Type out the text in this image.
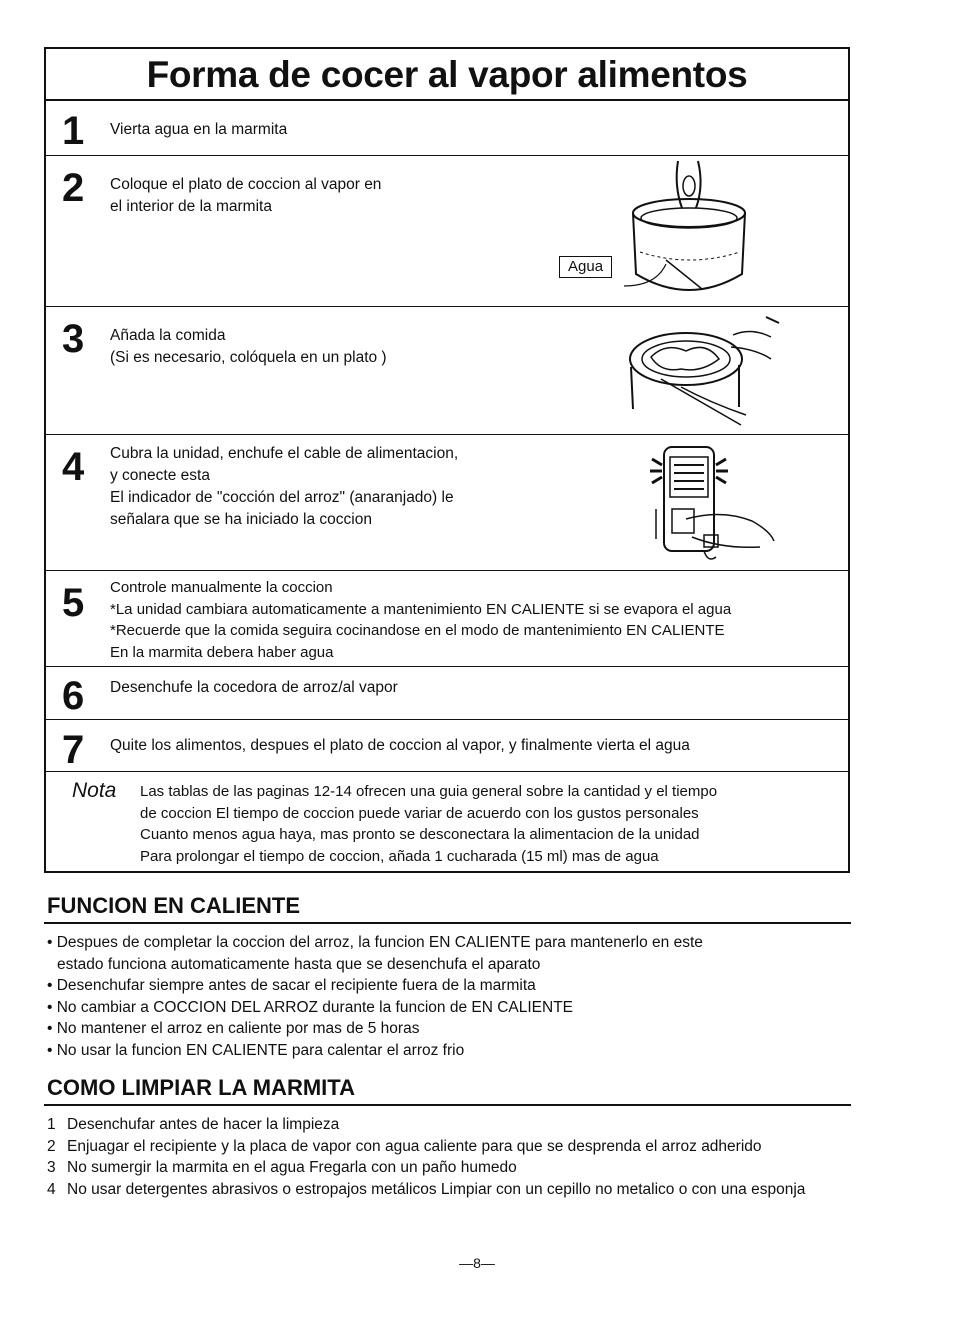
Forma de cocer al vapor alimentos
1 Vierta agua en la marmita
2 Coloque el plato de coccion al vapor en
el interior de la marmita
Agua
3 Añada la comida
(Si es necesario, colóquela en un plato )
4 Cubra la unidad, enchufe el cable de alimentacion,
y conecte esta
El indicador de "cocción del arroz" (anaranjado) le
señalara que se ha iniciado la coccion
5 Controle manualmente la coccion
*La unidad cambiara automaticamente a mantenimiento EN CALIENTE si se evapora el agua
*Recuerde que la comida seguira cocinandose en el modo de mantenimiento EN CALIENTE
En la marmita debera haber agua
6 Desenchufe la cocedora de arroz/al vapor
7 Quite los alimentos, despues el plato de coccion al vapor, y finalmente vierta el agua
Nota Las tablas de las paginas 12-14 ofrecen una guia general sobre la cantidad y el tiempo
de coccion El tiempo de coccion puede variar de acuerdo con los gustos personales
Cuanto menos agua haya, mas pronto se desconectara la alimentacion de la unidad
Para prolongar el tiempo de coccion, añada 1 cucharada (15 ml) mas de agua
FUNCION EN CALIENTE
• Despues de completar la coccion del arroz, la funcion EN CALIENTE para mantenerlo en este
estado funciona automaticamente hasta que se desenchufa el aparato
• Desenchufar siempre antes de sacar el recipiente fuera de la marmita
• No cambiar a COCCION DEL ARROZ durante la funcion de EN CALIENTE
• No mantener el arroz en caliente por mas de 5 horas
• No usar la funcion EN CALIENTE para calentar el arroz frio
COMO LIMPIAR LA MARMITA
1 Desenchufar antes de hacer la limpieza
2 Enjuagar el recipiente y la placa de vapor con agua caliente para que se desprenda el arroz adherido
3 No sumergir la marmita en el agua Fregarla con un paño humedo
4 No usar detergentes abrasivos o estropajos metálicos Limpiar con un cepillo no metalico o con una esponja
—8—
